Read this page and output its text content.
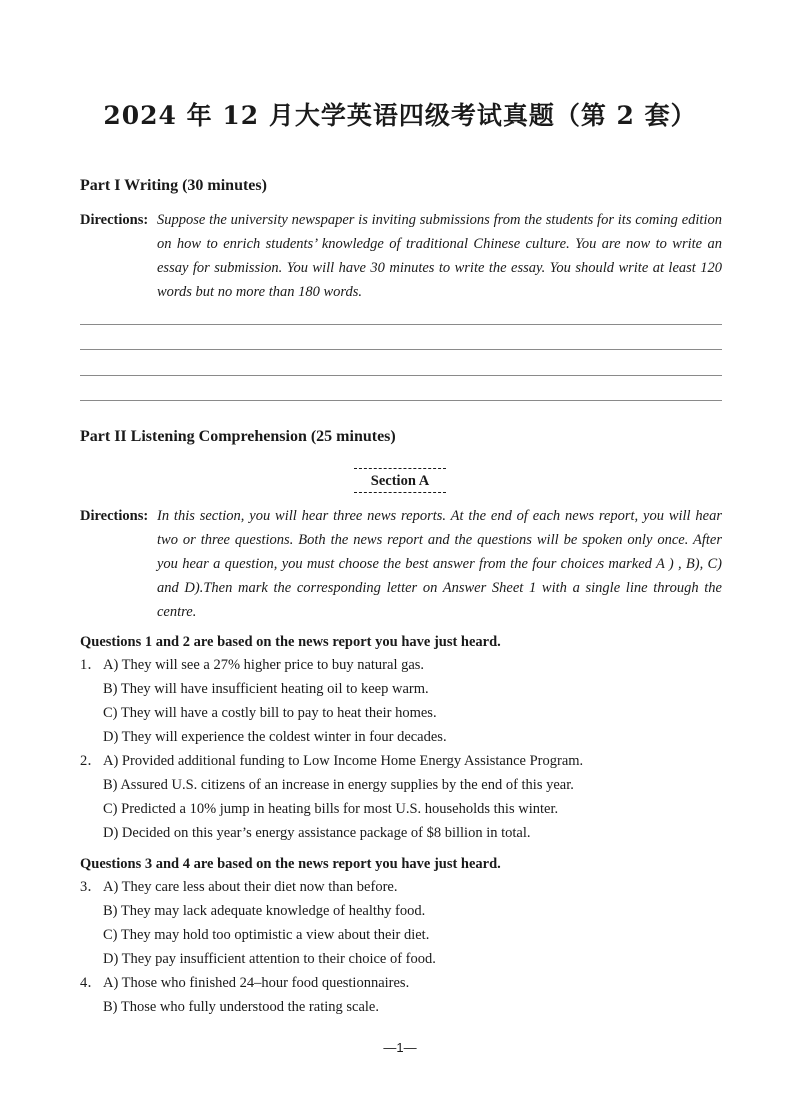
2024 年 12 月大学英语四级考试真题（第 2 套）
Part I Writing (30 minutes)
Directions: Suppose the university newspaper is inviting submissions from the students for its coming edition on how to enrich students’ knowledge of traditional Chinese culture. You are now to write an essay for submission. You will have 30 minutes to write the essay. You should write at least 120 words but no more than 180 words.
Part II Listening Comprehension (25 minutes)
Section A
Directions: In this section, you will hear three news reports. At the end of each news report, you will hear two or three questions. Both the news report and the questions will be spoken only once. After you hear a question, you must choose the best answer from the four choices marked A ) , B), C) and D).Then mark the corresponding letter on Answer Sheet 1 with a single line through the centre.
Questions 1 and 2 are based on the news report you have just heard.
1． A) They will see a 27% higher price to buy natural gas.
B) They will have insufficient heating oil to keep warm.
C) They will have a costly bill to pay to heat their homes.
D) They will experience the coldest winter in four decades.
2． A) Provided additional funding to Low Income Home Energy Assistance Program.
B) Assured U.S. citizens of an increase in energy supplies by the end of this year.
C) Predicted a 10% jump in heating bills for most U.S. households this winter.
D) Decided on this year’s energy assistance package of $8 billion in total.
Questions 3 and 4 are based on the news report you have just heard.
3． A) They care less about their diet now than before.
B) They may lack adequate knowledge of healthy food.
C) They may hold too optimistic a view about their diet.
D) They pay insufficient attention to their choice of food.
4． A) Those who finished 24–hour food questionnaires.
B) Those who fully understood the rating scale.
—1—
